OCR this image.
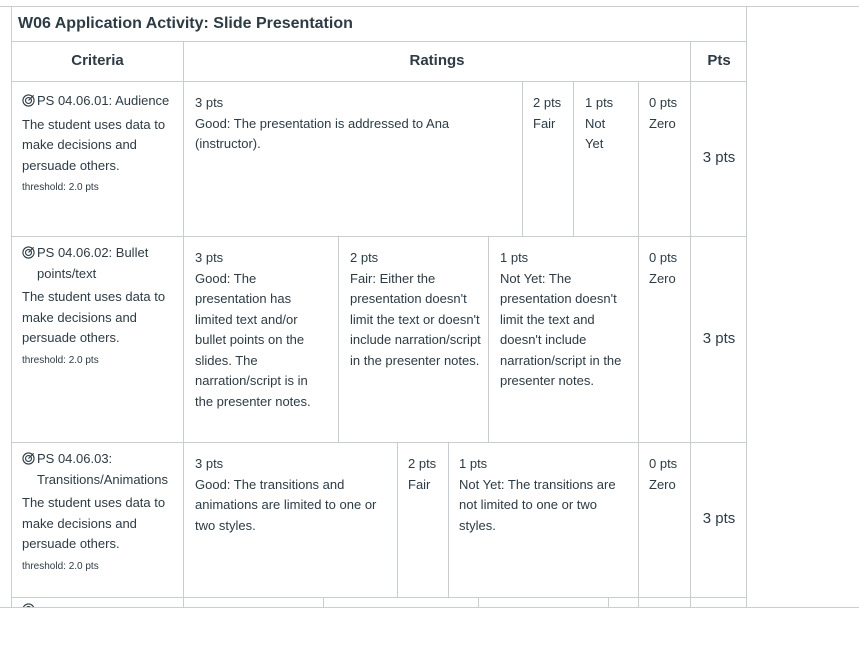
W06 Application Activity: Slide Presentation
Criteria	Ratings	Pts
PS 04.06.01: Audience
The student uses data to make decisions and persuade others.
threshold: 2.0 pts
3 pts
Good: The presentation is addressed to Ana (instructor).
2 pts
Fair
1 pts
Not Yet
0 pts
Zero
3 pts
PS 04.06.02: Bullet points/text
The student uses data to make decisions and persuade others.
threshold: 2.0 pts
3 pts
Good: The presentation has limited text and/or bullet points on the slides. The narration/script is in the presenter notes.
2 pts
Fair: Either the presentation doesn't limit the text or doesn't include narration/script in the presenter notes.
1 pts
Not Yet: The presentation doesn't limit the text and doesn't include narration/script in the presenter notes.
0 pts
Zero
3 pts
PS 04.06.03: Transitions/Animations
The student uses data to make decisions and persuade others.
threshold: 2.0 pts
3 pts
Good: The transitions and animations are limited to one or two styles.
2 pts
Fair
1 pts
Not Yet: The transitions are not limited to one or two styles.
0 pts
Zero
3 pts
